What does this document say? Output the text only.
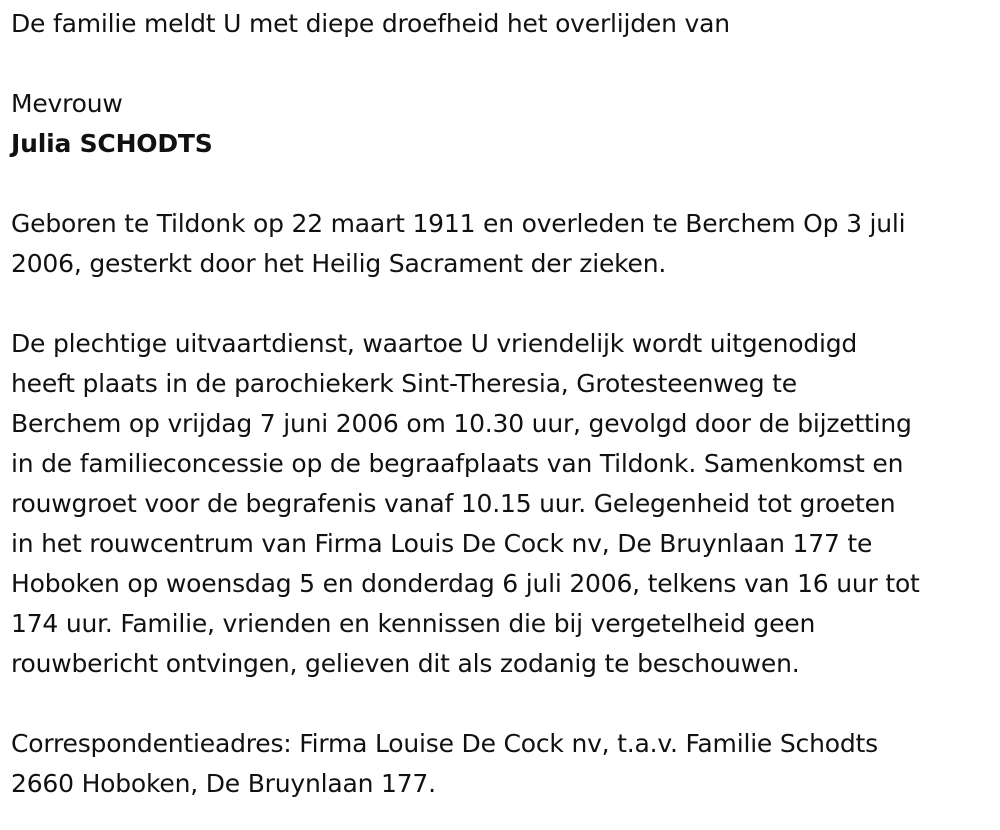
De familie meldt U met diepe droefheid het overlijden van
Mevrouw
Julia SCHODTS
Geboren te Tildonk op 22 maart 1911 en overleden te Berchem Op 3 juli
2006, gesterkt door het Heilig Sacrament der zieken.
De plechtige uitvaartdienst, waartoe U vriendelijk wordt uitgenodigd
heeft plaats in de parochiekerk Sint-Theresia, Grotesteenweg te
Berchem op vrijdag 7 juni 2006 om 10.30 uur, gevolgd door de bijzetting
in de familieconcessie op de begraafplaats van Tildonk. Samenkomst en
rouwgroet voor de begrafenis vanaf 10.15 uur. Gelegenheid tot groeten
in het rouwcentrum van Firma Louis De Cock nv, De Bruynlaan 177 te
Hoboken op woensdag 5 en donderdag 6 juli 2006, telkens van 16 uur tot
174 uur. Familie, vrienden en kennissen die bij vergetelheid geen
rouwbericht ontvingen, gelieven dit als zodanig te beschouwen.
Correspondentieadres: Firma Louise De Cock nv, t.a.v. Familie Schodts
2660 Hoboken, De Bruynlaan 177.
